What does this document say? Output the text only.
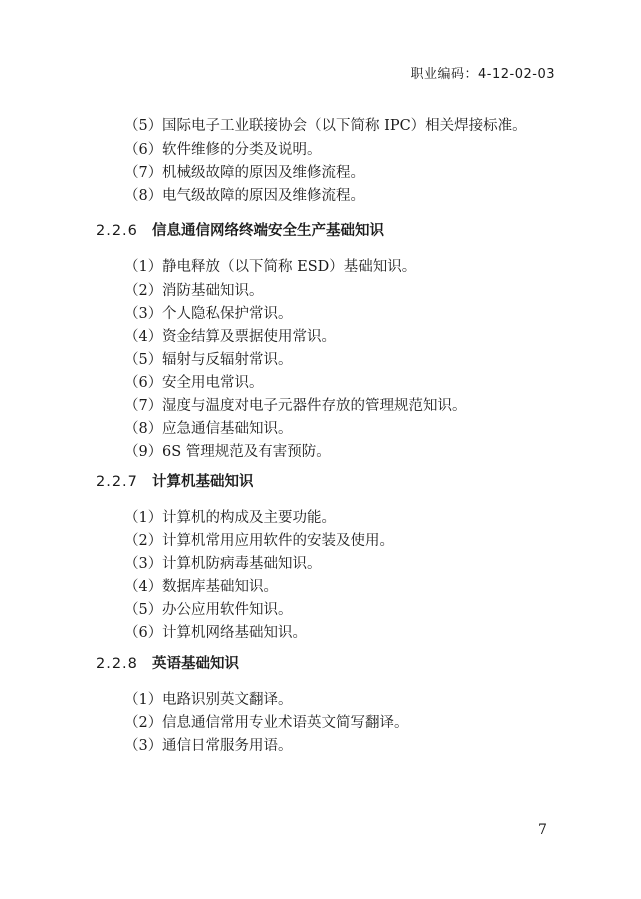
职业编码：4-12-02-03
（5）国际电子工业联接协会（以下简称 IPC）相关焊接标准。
（6）软件维修的分类及说明。
（7）机械级故障的原因及维修流程。
（8）电气级故障的原因及维修流程。
2.2.6 信息通信网络终端安全生产基础知识
（1）静电释放（以下简称 ESD）基础知识。
（2）消防基础知识。
（3）个人隐私保护常识。
（4）资金结算及票据使用常识。
（5）辐射与反辐射常识。
（6）安全用电常识。
（7）湿度与温度对电子元器件存放的管理规范知识。
（8）应急通信基础知识。
（9）6S 管理规范及有害预防。
2.2.7 计算机基础知识
（1）计算机的构成及主要功能。
（2）计算机常用应用软件的安装及使用。
（3）计算机防病毒基础知识。
（4）数据库基础知识。
（5）办公应用软件知识。
（6）计算机网络基础知识。
2.2.8 英语基础知识
（1）电路识别英文翻译。
（2）信息通信常用专业术语英文简写翻译。
（3）通信日常服务用语。
7
